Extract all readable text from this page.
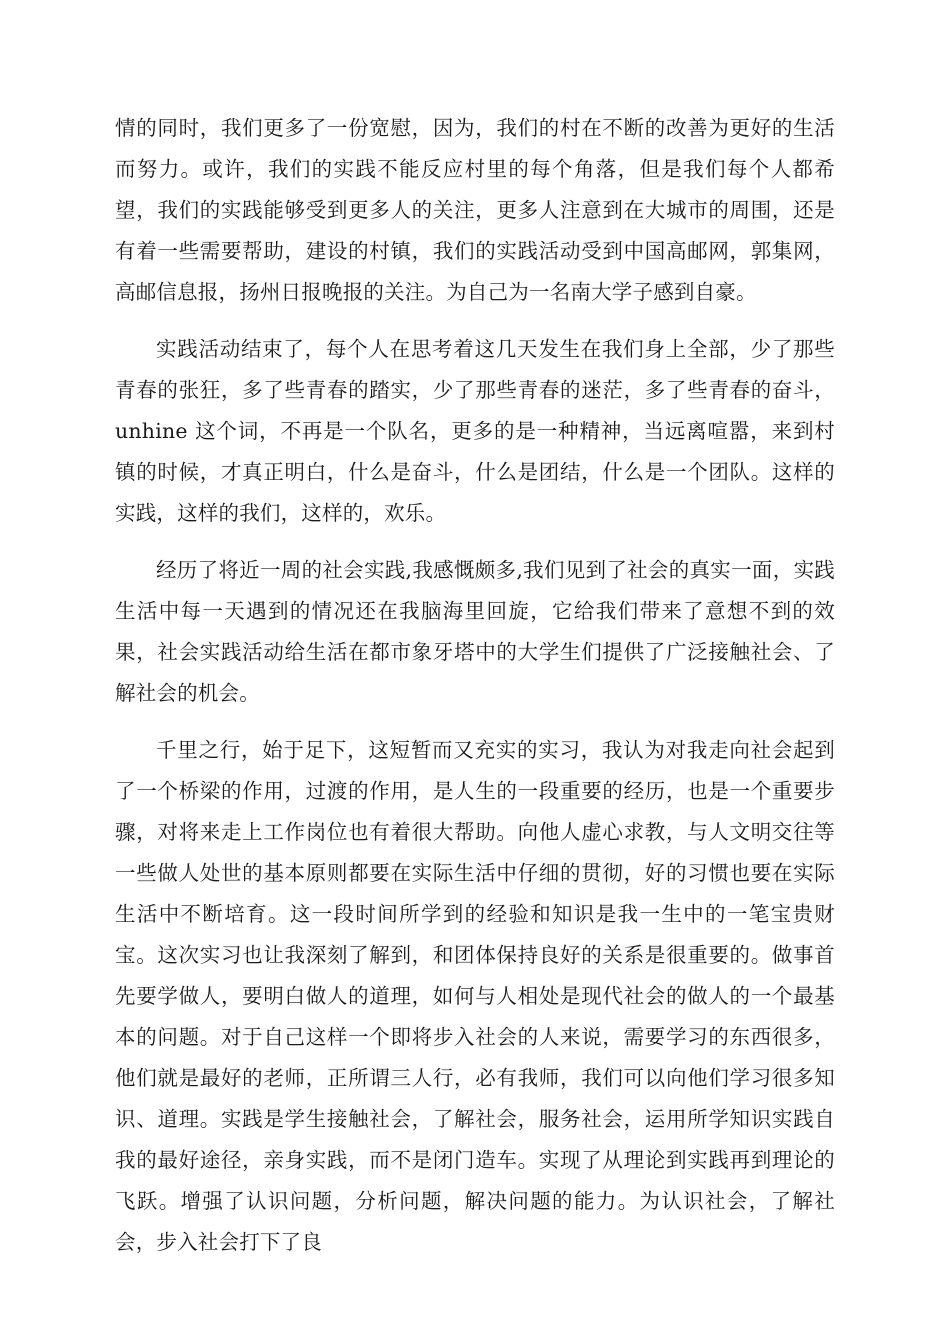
情的同时，我们更多了一份宽慰，因为，我们的村在不断的改善为更好的生活而努力。或许，我们的实践不能反应村里的每个角落，但是我们每个人都希望，我们的实践能够受到更多人的关注，更多人注意到在大城市的周围，还是有着一些需要帮助，建设的村镇，我们的实践活动受到中国高邮网，郭集网，高邮信息报，扬州日报晚报的关注。为自己为一名南大学子感到自豪。

实践活动结束了，每个人在思考着这几天发生在我们身上全部，少了那些青春的张狂，多了些青春的踏实，少了那些青春的迷茫，多了些青春的奋斗，unhine 这个词，不再是一个队名，更多的是一种精神，当远离喧嚣，来到村镇的时候，才真正明白，什么是奋斗，什么是团结，什么是一个团队。这样的实践，这样的我们，这样的，欢乐。

经历了将近一周的社会实践,我感慨颇多,我们见到了社会的真实一面，实践生活中每一天遇到的情况还在我脑海里回旋，它给我们带来了意想不到的效果，社会实践活动给生活在都市象牙塔中的大学生们提供了广泛接触社会、了解社会的机会。

千里之行，始于足下，这短暂而又充实的实习，我认为对我走向社会起到了一个桥梁的作用，过渡的作用，是人生的一段重要的经历，也是一个重要步骤，对将来走上工作岗位也有着很大帮助。向他人虚心求教，与人文明交往等一些做人处世的基本原则都要在实际生活中仔细的贯彻，好的习惯也要在实际生活中不断培育。这一段时间所学到的经验和知识是我一生中的一笔宝贵财宝。这次实习也让我深刻了解到，和团体保持良好的关系是很重要的。做事首先要学做人，要明白做人的道理，如何与人相处是现代社会的做人的一个最基本的问题。对于自己这样一个即将步入社会的人来说，需要学习的东西很多，他们就是最好的老师，正所谓三人行，必有我师，我们可以向他们学习很多知识、道理。实践是学生接触社会，了解社会，服务社会，运用所学知识实践自我的最好途径，亲身实践，而不是闭门造车。实现了从理论到实践再到理论的飞跃。增强了认识问题，分析问题，解决问题的能力。为认识社会，了解社会，步入社会打下了良
